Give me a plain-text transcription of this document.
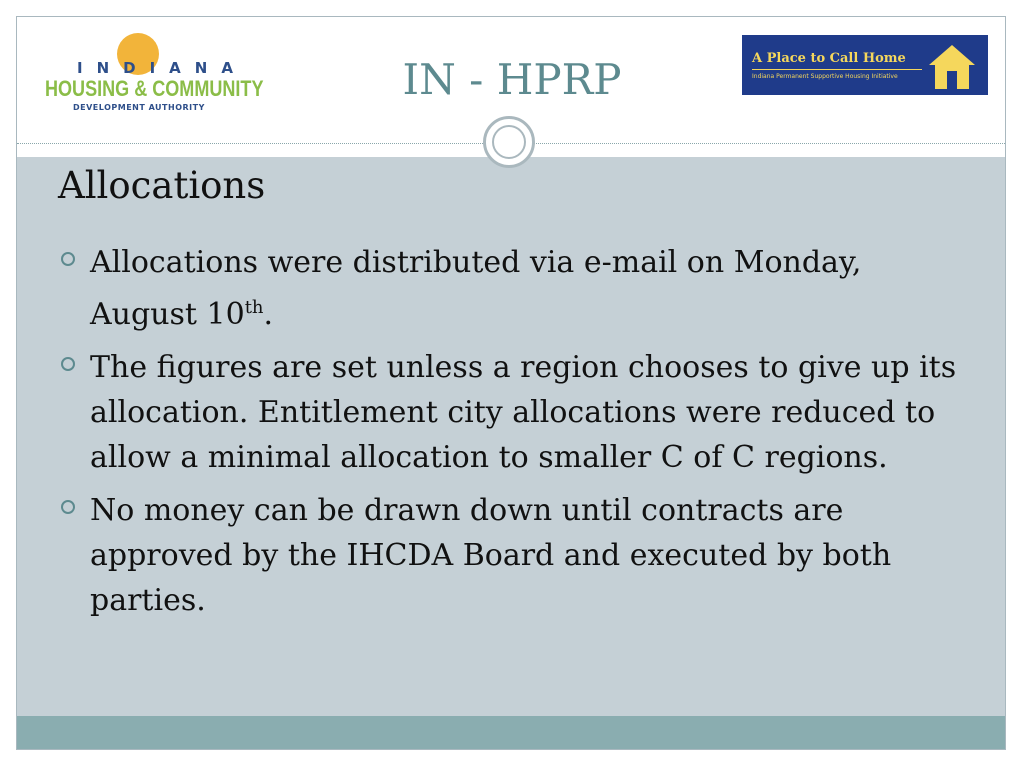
INDIANA
HOUSING & COMMUNITY
DEVELOPMENT AUTHORITY
IN - HPRP	A Place to Call Home
Indiana Permanent Supportive Housing Initiative
Allocations
Allocations were distributed via e-mail on Monday, August 10th.
The figures are set unless a region chooses to give up its allocation. Entitlement city allocations were reduced to allow a minimal allocation to smaller C of C regions.
No money can be drawn down until contracts are approved by the IHCDA Board and executed by both parties.
